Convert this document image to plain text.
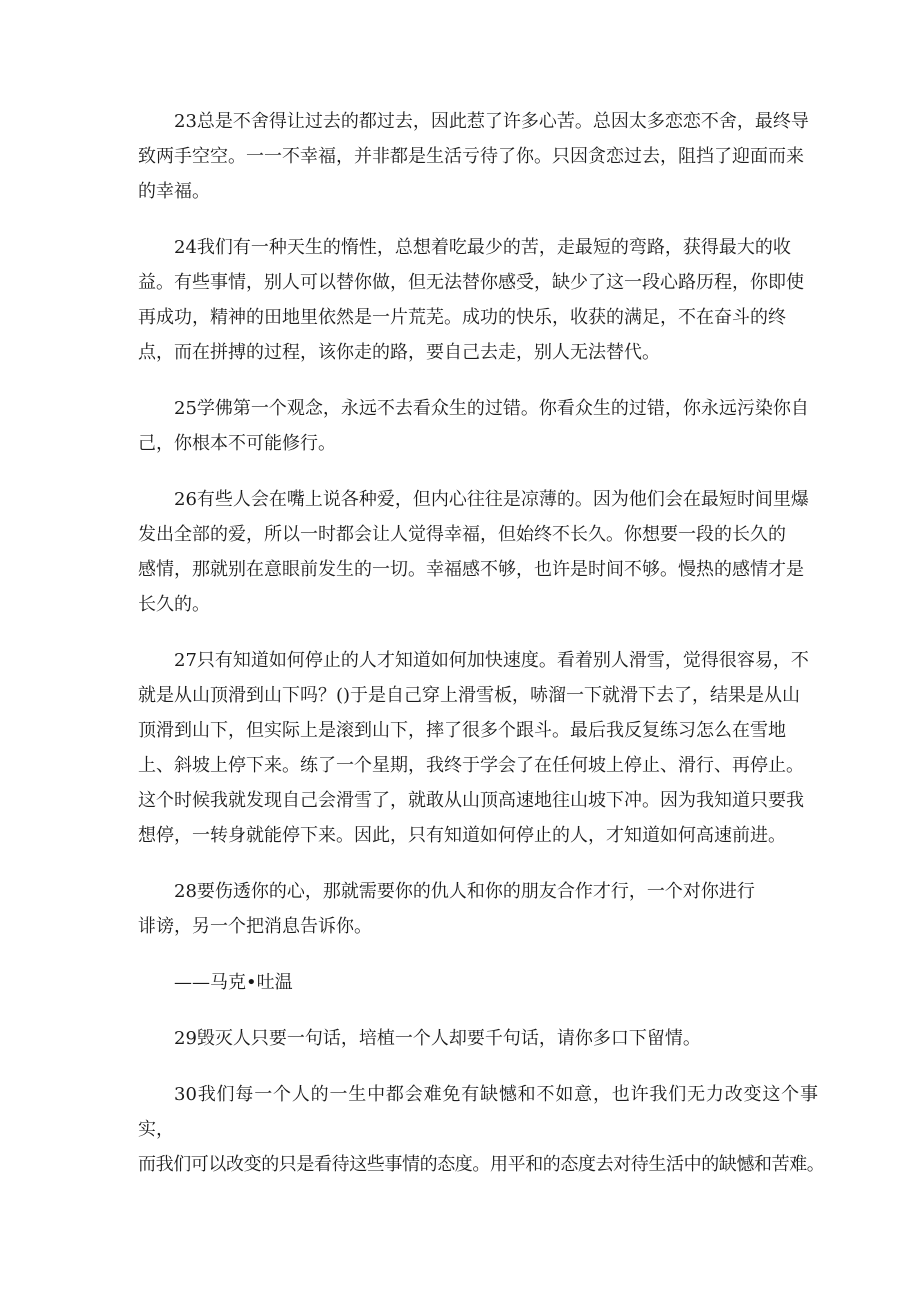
23总是不舍得让过去的都过去，因此惹了许多心苦。总因太多恋恋不舍，最终导
致两手空空。一一不幸福，并非都是生活亏待了你。只因贪恋过去，阻挡了迎面而来
的幸福。
24我们有一种天生的惰性，总想着吃最少的苦，走最短的弯路，获得最大的收
益。有些事情，别人可以替你做，但无法替你感受，缺少了这一段心路历程，你即使
再成功，精神的田地里依然是一片荒芜。成功的快乐，收获的满足，不在奋斗的终
点，而在拼搏的过程，该你走的路，要自己去走，别人无法替代。
25学佛第一个观念，永远不去看众生的过错。你看众生的过错，你永远污染你自
己，你根本不可能修行。
26有些人会在嘴上说各种爱，但内心往往是凉薄的。因为他们会在最短时间里爆
发出全部的爱，所以一时都会让人觉得幸福，但始终不长久。你想要一段的长久的
感情，那就别在意眼前发生的一切。幸福感不够，也许是时间不够。慢热的感情才是
长久的。
27只有知道如何停止的人才知道如何加快速度。看着别人滑雪，觉得很容易，不
就是从山顶滑到山下吗？()于是自己穿上滑雪板，哧溜一下就滑下去了，结果是从山
顶滑到山下，但实际上是滚到山下，摔了很多个跟斗。最后我反复练习怎么在雪地
上、斜坡上停下来。练了一个星期，我终于学会了在任何坡上停止、滑行、再停止。
这个时候我就发现自己会滑雪了，就敢从山顶高速地往山坡下冲。因为我知道只要我
想停，一转身就能停下来。因此，只有知道如何停止的人，才知道如何高速前进。
28要伤透你的心，那就需要你的仇人和你的朋友合作才行，一个对你进行
诽谤，另一个把消息告诉你。
——马克•吐温
29毁灭人只要一句话，培植一个人却要千句话，请你多口下留情。
30我们每一个人的一生中都会难免有缺憾和不如意，也许我们无力改变这个事实，
而我们可以改变的只是看待这些事情的态度。用平和的态度去对待生活中的缺憾和苦难。
